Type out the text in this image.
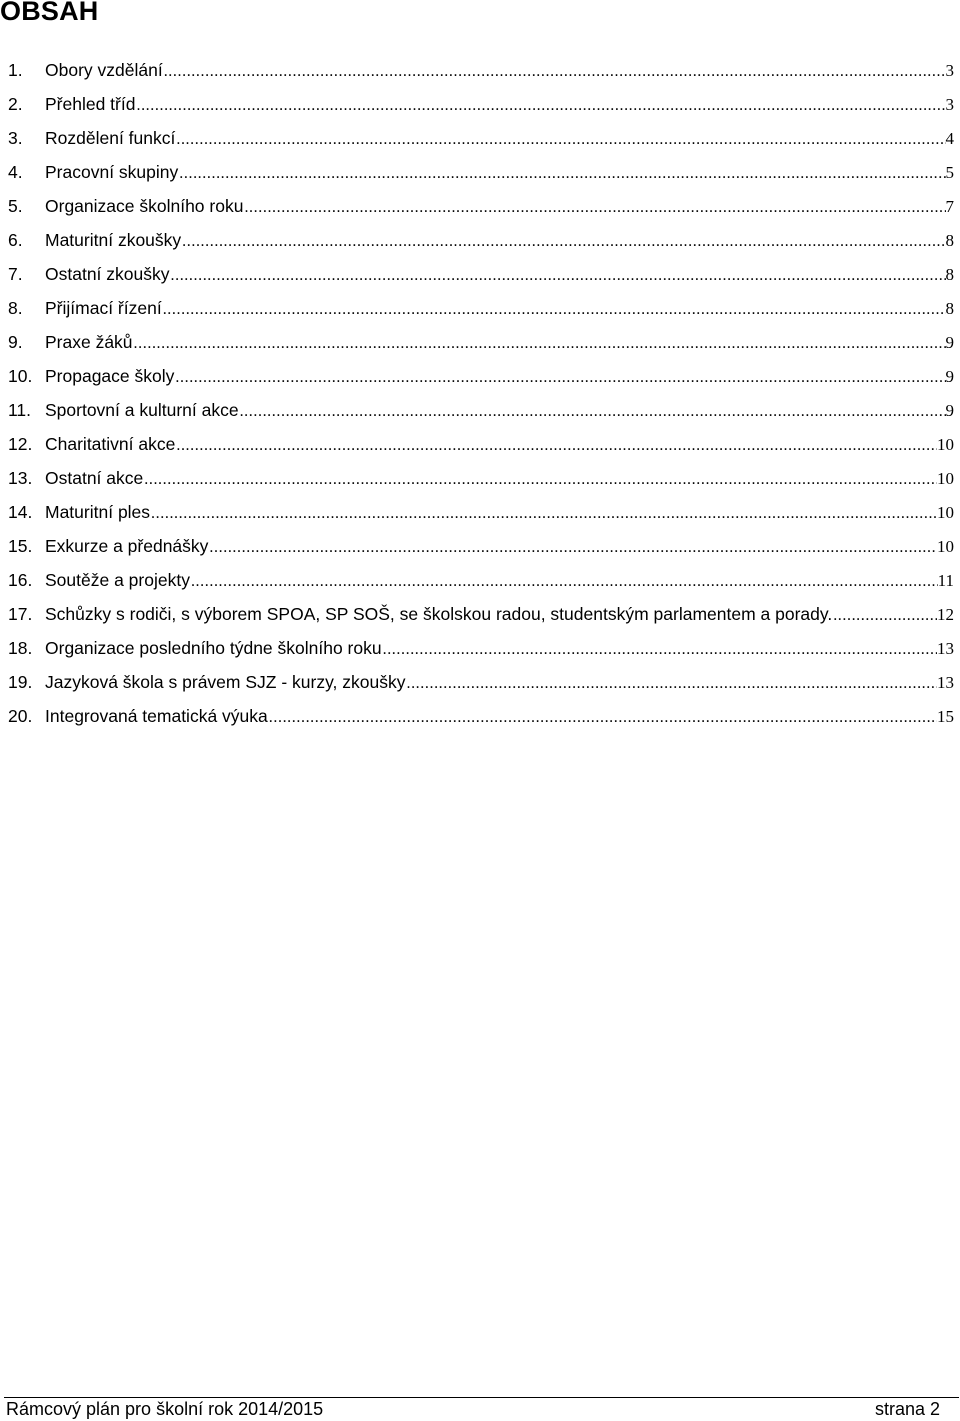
OBSAH
1.	Obory vzdělání .....	3
2.	Přehled tříd .....	3
3.	Rozdělení funkcí .....	4
4.	Pracovní skupiny .....	5
5.	Organizace školního roku .....	7
6.	Maturitní zkoušky .....	8
7.	Ostatní zkoušky .....	8
8.	Přijímací řízení .....	8
9.	Praxe žáků .....	9
10. Propagace školy .....	9
11. Sportovní a kulturní akce .....	9
12. Charitativní akce .....	10
13. Ostatní akce .....	10
14. Maturitní ples .....	10
15. Exkurze a přednášky .....	10
16. Soutěže a projekty .....	11
17. Schůzky s rodiči, s výborem SPOA, SP SOŠ, se školskou radou, studentským parlamentem a porady. .....	12
18. Organizace posledního týdne školního roku .....	13
19. Jazyková škola s právem SJZ - kurzy, zkoušky .....	13
20. Integrovaná tematická výuka .....	15
Rámcový plán pro školní rok 2014/2015	strana 2
